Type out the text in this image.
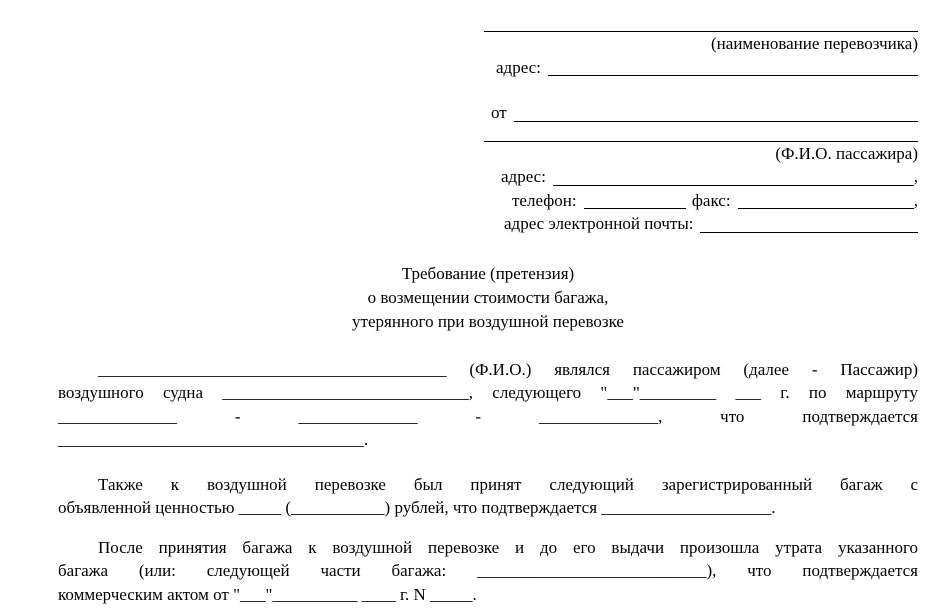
(наименование перевозчика)
адрес:
от
(Ф.И.О. пассажира)
адрес:	,
телефон:	факс:	,
адрес электронной почты:
Требование (претензия)
о возмещении стоимости багажа,
утерянного при воздушной перевозке
_________________________________________ (Ф.И.О.) являлся пассажиром (далее - Пассажир)
воздушного судна _____________________________, следующего "___"_________ ___ г. по маршруту
______________ - ______________ - ______________, что подтверждается
____________________________________.
Также к воздушной перевозке был принят следующий зарегистрированный багаж с
объявленной ценностью _____ (___________) рублей, что подтверждается ____________________.
После принятия багажа к воздушной перевозке и до его выдачи произошла утрата указанного
багажа (или: следующей части багажа: ___________________________), что подтверждается
коммерческим актом от "___"__________ ____ г. N _____.
